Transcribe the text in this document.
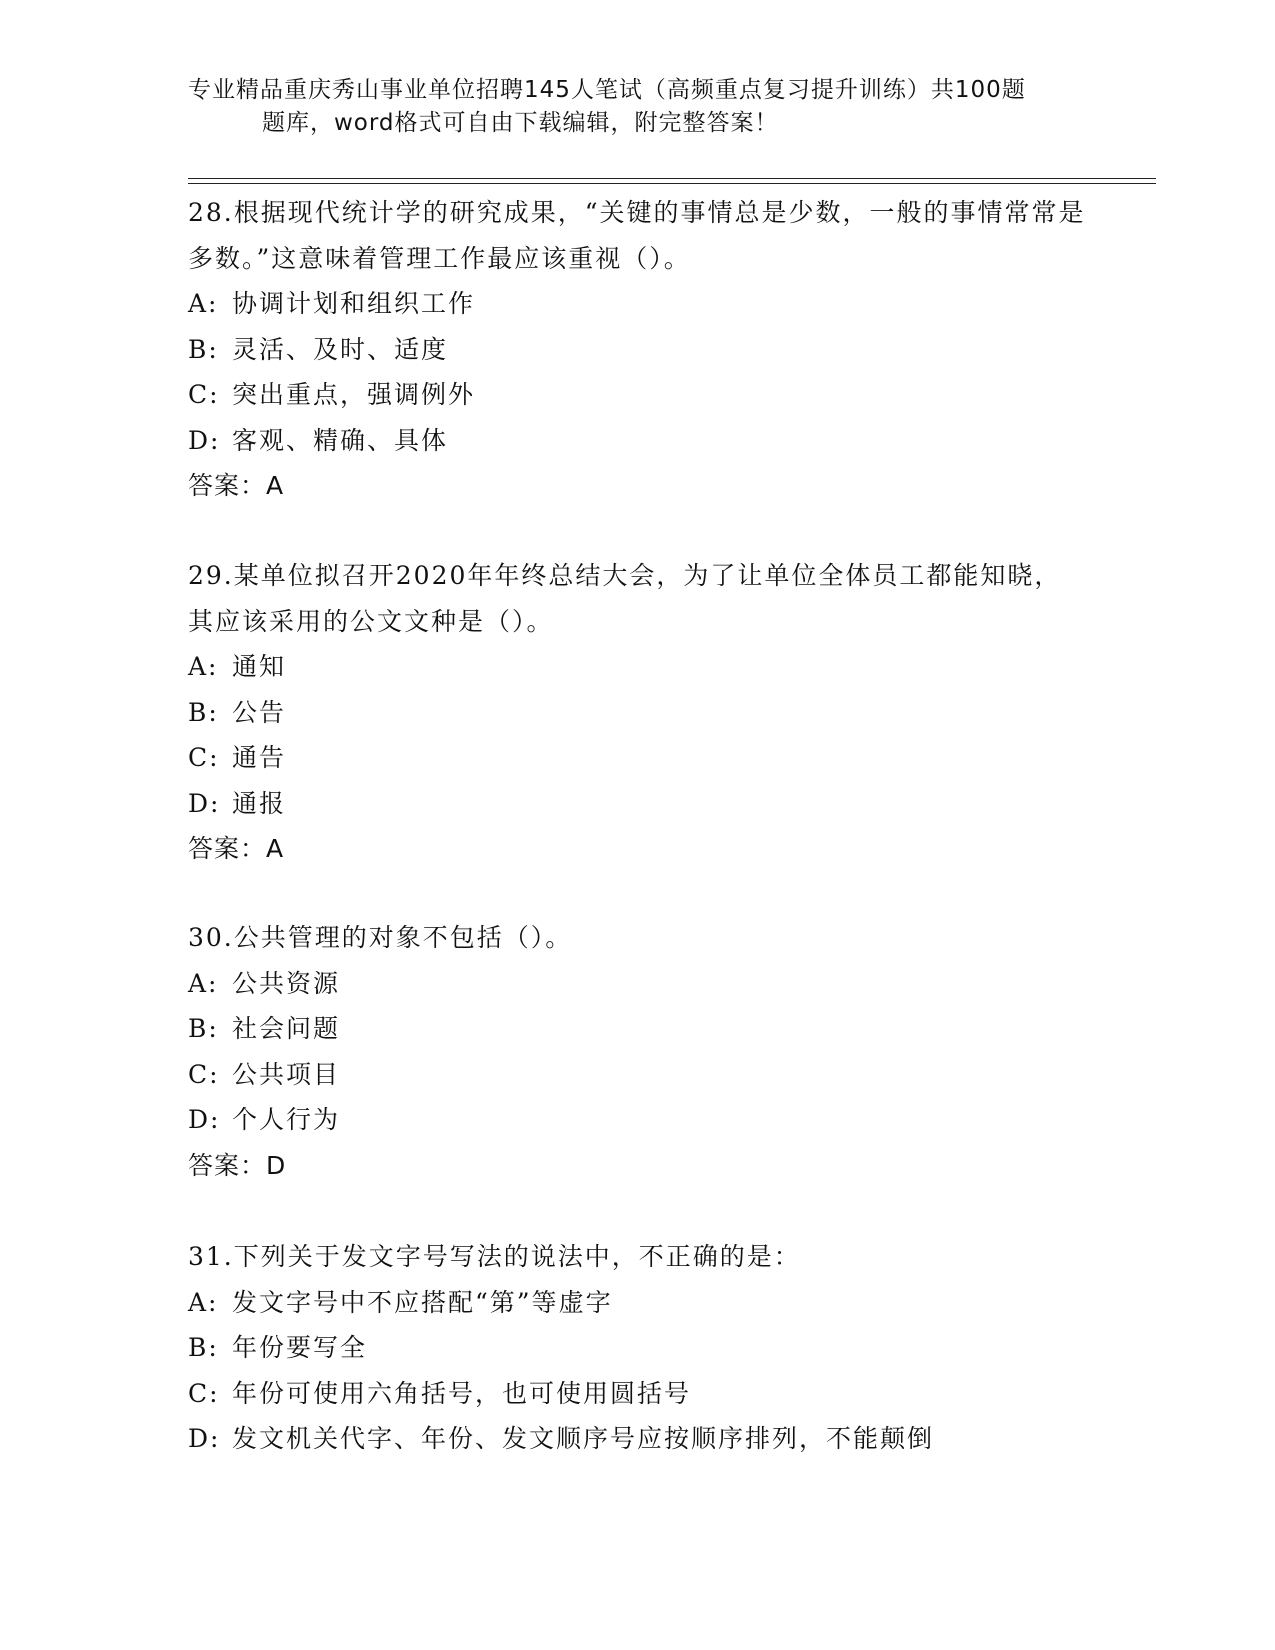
专业精品重庆秀山事业单位招聘145人笔试（高频重点复习提升训练）共100题
题库，word格式可自由下载编辑，附完整答案！

28.根据现代统计学的研究成果，“关键的事情总是少数，一般的事情常常是多数。”这意味着管理工作最应该重视（）。

A: 协调计划和组织工作
B: 灵活、及时、适度
C: 突出重点，强调例外
D: 客观、精确、具体
答案：A

29.某单位拟召开2020年年终总结大会，为了让单位全体员工都能知晓，其应该采用的公文文种是（）。

A: 通知
B: 公告
C: 通告
D: 通报
答案：A

30.公共管理的对象不包括（）。

A: 公共资源
B: 社会问题
C: 公共项目
D: 个人行为
答案：D

31.下列关于发文字号写法的说法中，不正确的是：

A: 发文字号中不应搭配“第”等虚字
B: 年份要写全
C: 年份可使用六角括号，也可使用圆括号
D: 发文机关代字、年份、发文顺序号应按顺序排列，不能颠倒
